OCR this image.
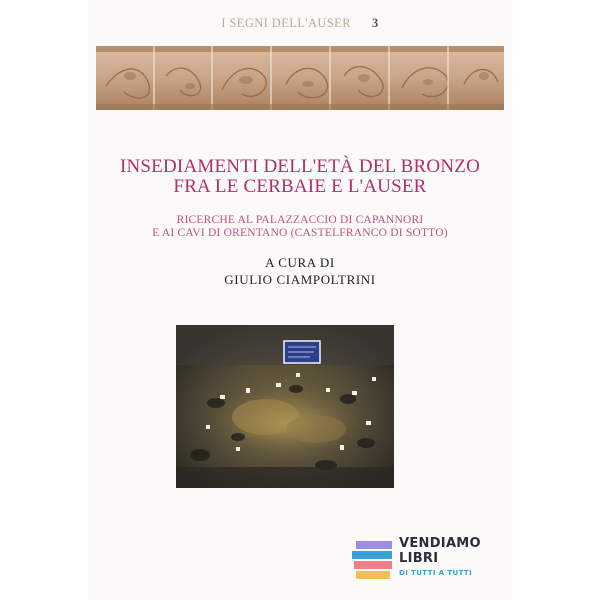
I SEGNI DELL'AUSER 3
INSEDIAMENTI DELL'ETÀ DEL BRONZO
FRA LE CERBAIE E L'AUSER
RICERCHE AL PALAZZACCIO DI CAPANNORI
E AI CAVI DI ORENTANO (CASTELFRANCO DI SOTTO)
A CURA DI
GIULIO CIAMPOLTRINI
VENDIAMO
LIBRI
DI TUTTI A TUTTI
